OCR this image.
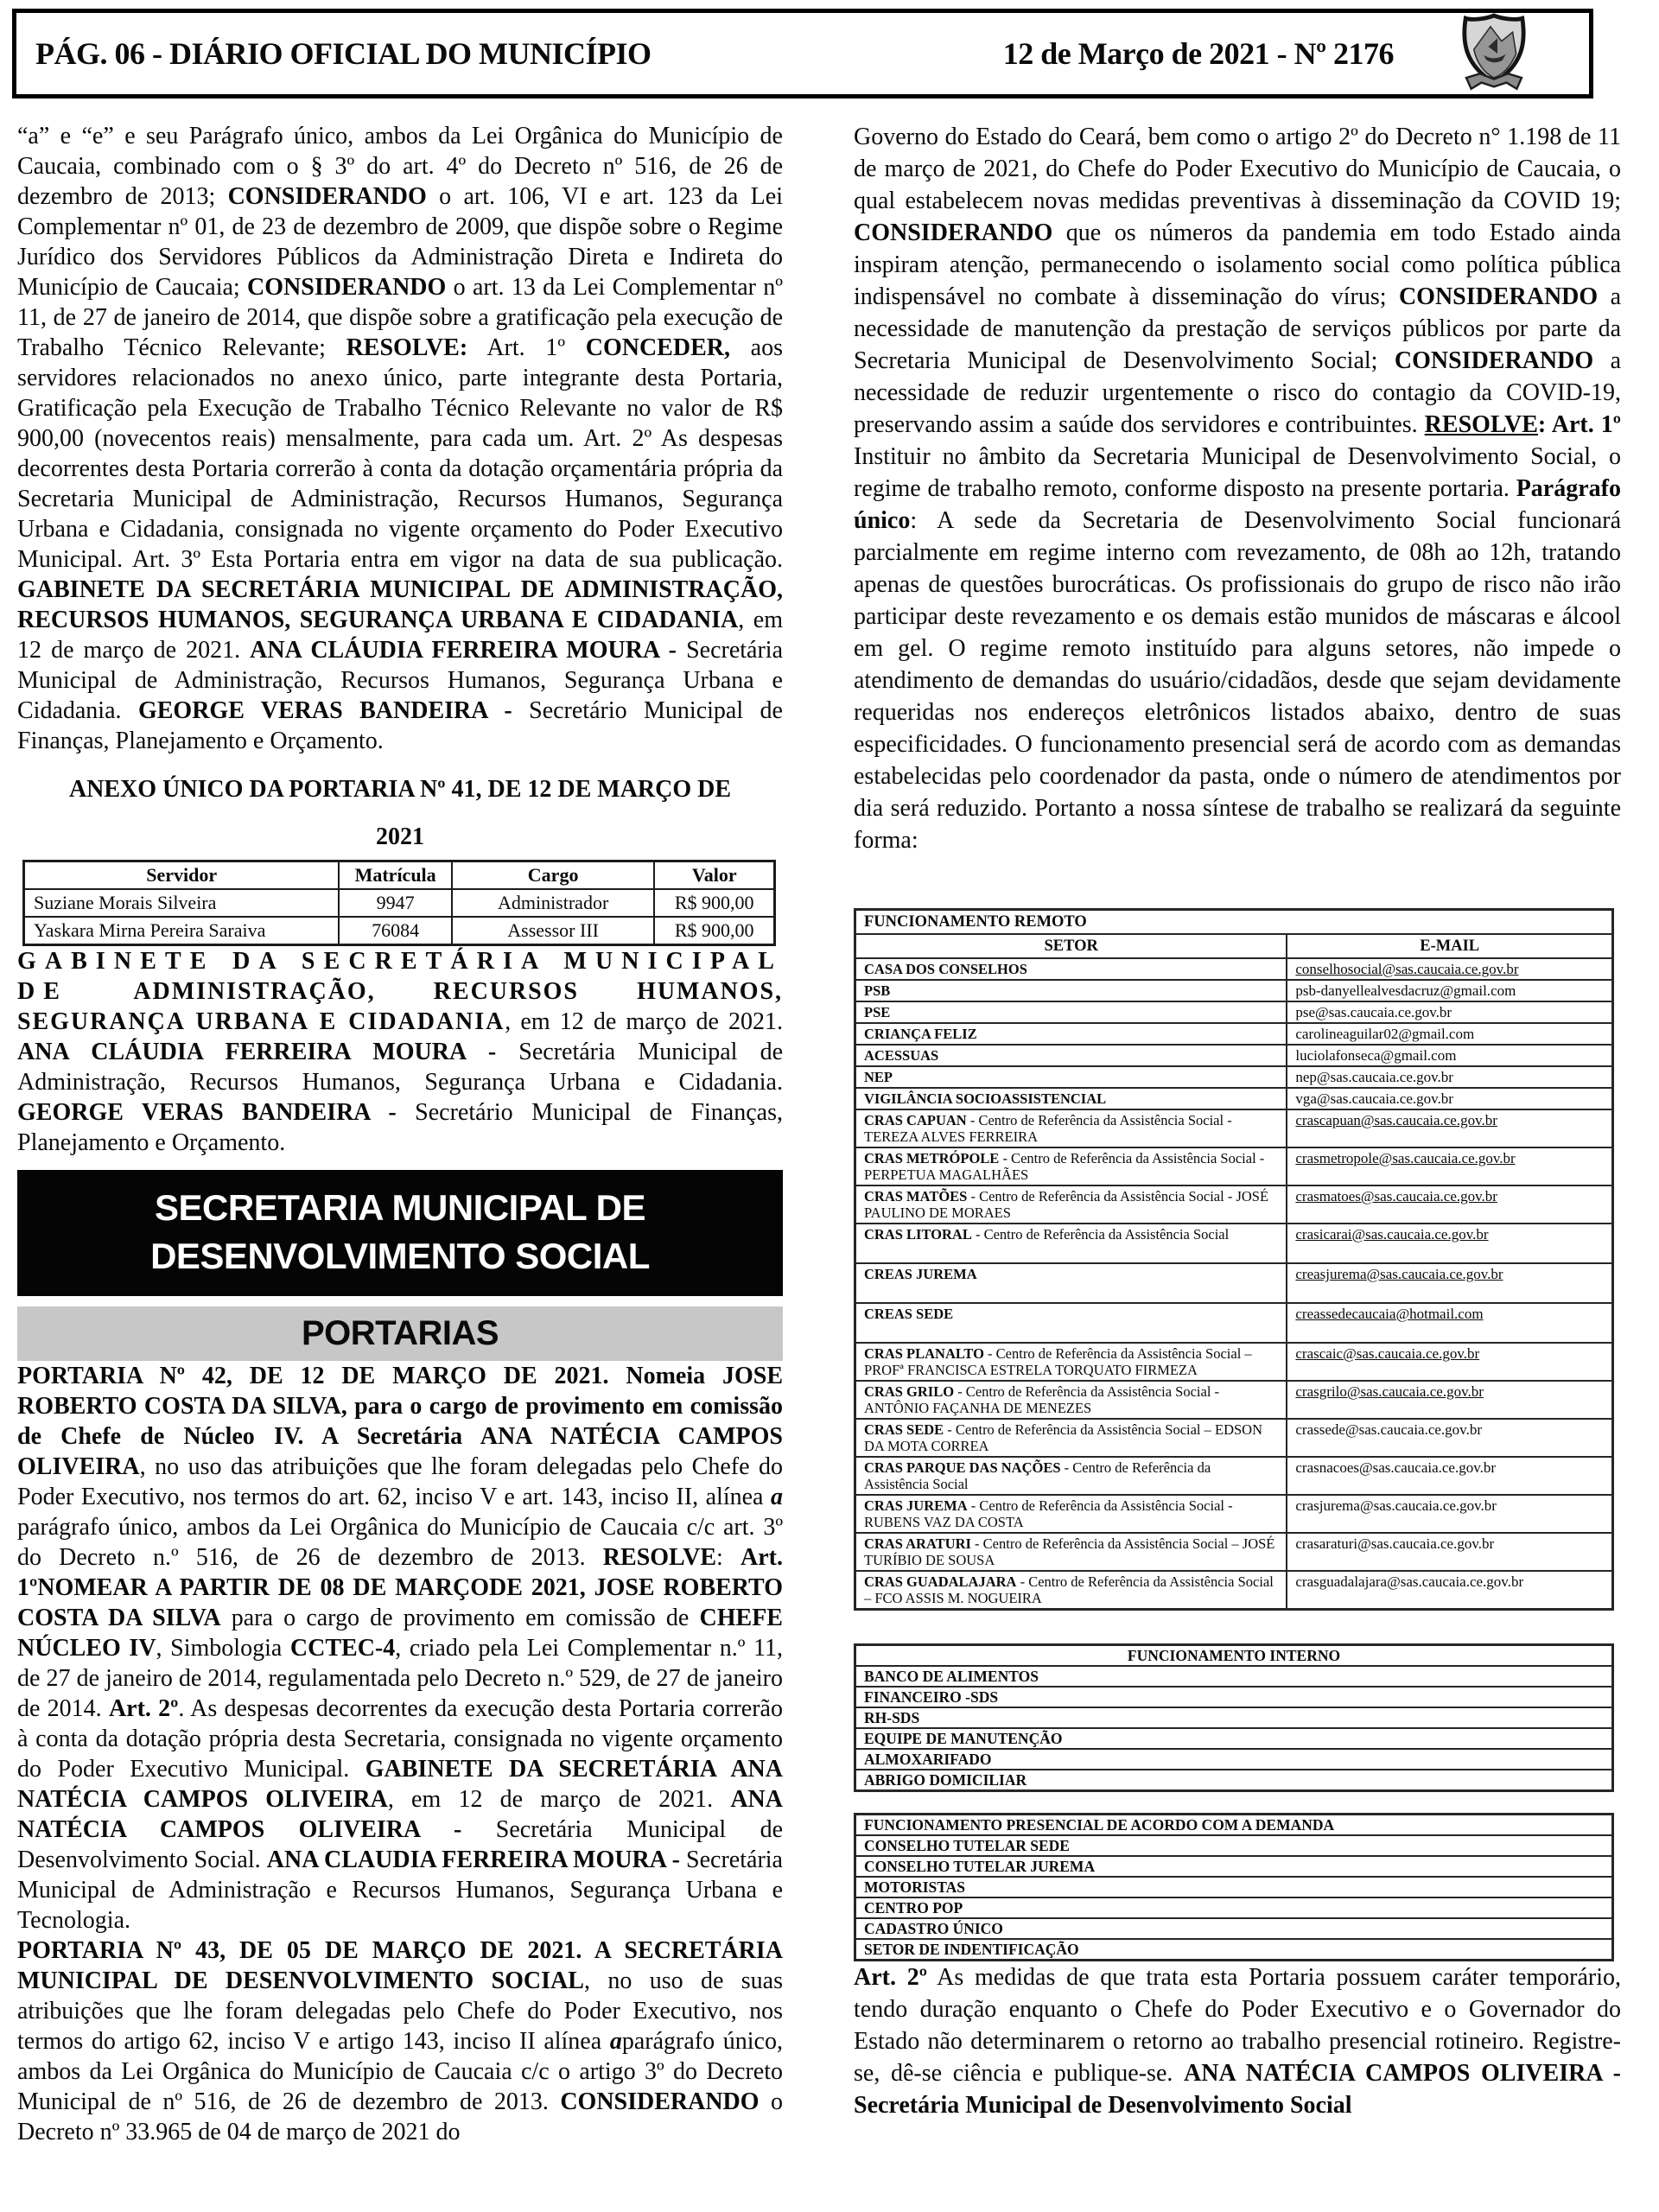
PÁG. 06 - DIÁRIO OFICIAL DO MUNICÍPIO	12 de Março de 2021 - Nº 2176

“a” e “e” e seu Parágrafo único, ambos da Lei Orgânica do Município de Caucaia, combinado com o § 3º do art. 4º do Decreto nº 516, de 26 de dezembro de 2013; CONSIDERANDO o art. 106, VI e art. 123 da Lei Complementar nº 01, de 23 de dezembro de 2009, que dispõe sobre o Regime Jurídico dos Servidores Públicos da Administração Direta e Indireta do Município de Caucaia; CONSIDERANDO o art. 13 da Lei Complementar nº 11, de 27 de janeiro de 2014, que dispõe sobre a gratificação pela execução de Trabalho Técnico Relevante; RESOLVE: Art. 1º CONCEDER, aos servidores relacionados no anexo único, parte integrante desta Portaria, Gratificação pela Execução de Trabalho Técnico Relevante no valor de R$ 900,00 (novecentos reais) mensalmente, para cada um. Art. 2º As despesas decorrentes desta Portaria correrão à conta da dotação orçamentária própria da Secretaria Municipal de Administração, Recursos Humanos, Segurança Urbana e Cidadania, consignada no vigente orçamento do Poder Executivo Municipal. Art. 3º Esta Portaria entra em vigor na data de sua publicação. GABINETE DA SECRETÁRIA MUNICIPAL DE ADMINISTRAÇÃO, RECURSOS HUMANOS, SEGURANÇA URBANA E CIDADANIA, em 12 de março de 2021. ANA CLÁUDIA FERREIRA MOURA - Secretária Municipal de Administração, Recursos Humanos, Segurança Urbana e Cidadania. GEORGE VERAS BANDEIRA - Secretário Municipal de Finanças, Planejamento e Orçamento.

ANEXO ÚNICO DA PORTARIA Nº 41, DE 12 DE MARÇO DE
2021
Servidor	Matrícula	Cargo	Valor
Suziane Morais Silveira	9947	Administrador	R$ 900,00
Yaskara Mirna Pereira Saraiva	76084	Assessor III	R$ 900,00

GABINETE DA SECRETÁRIA MUNICIPAL DE ADMINISTRAÇÃO, RECURSOS HUMANOS, SEGURANÇA URBANA E CIDADANIA, em 12 de março de 2021. ANA CLÁUDIA FERREIRA MOURA - Secretária Municipal de Administração, Recursos Humanos, Segurança Urbana e Cidadania. GEORGE VERAS BANDEIRA - Secretário Municipal de Finanças, Planejamento e Orçamento.

SECRETARIA MUNICIPAL DE
DESENVOLVIMENTO SOCIAL
PORTARIAS

PORTARIA Nº 42, DE 12 DE MARÇO DE 2021. Nomeia JOSE ROBERTO COSTA DA SILVA, para o cargo de provimento em comissão de Chefe de Núcleo IV. A Secretária ANA NATÉCIA CAMPOS OLIVEIRA, no uso das atribuições que lhe foram delegadas pelo Chefe do Poder Executivo, nos termos do art. 62, inciso V e art. 143, inciso II, alínea a parágrafo único, ambos da Lei Orgânica do Município de Caucaia c/c art. 3º do Decreto n.º 516, de 26 de dezembro de 2013. RESOLVE: Art. 1ºNOMEAR A PARTIR DE 08 DE MARÇODE 2021, JOSE ROBERTO COSTA DA SILVA para o cargo de provimento em comissão de CHEFE NÚCLEO IV, Simbologia CCTEC-4, criado pela Lei Complementar n.º 11, de 27 de janeiro de 2014, regulamentada pelo Decreto n.º 529, de 27 de janeiro de 2014. Art. 2º. As despesas decorrentes da execução desta Portaria correrão à conta da dotação própria desta Secretaria, consignada no vigente orçamento do Poder Executivo Municipal. GABINETE DA SECRETÁRIA ANA NATÉCIA CAMPOS OLIVEIRA, em 12 de março de 2021. ANA NATÉCIA CAMPOS OLIVEIRA - Secretária Municipal de Desenvolvimento Social. ANA CLAUDIA FERREIRA MOURA - Secretária Municipal de Administração e Recursos Humanos, Segurança Urbana e Tecnologia.

PORTARIA Nº 43, DE 05 DE MARÇO DE 2021. A SECRETÁRIA MUNICIPAL DE DESENVOLVIMENTO SOCIAL, no uso de suas atribuições que lhe foram delegadas pelo Chefe do Poder Executivo, nos termos do artigo 62, inciso V e artigo 143, inciso II alínea aparágrafo único, ambos da Lei Orgânica do Município de Caucaia c/c o artigo 3º do Decreto Municipal de nº 516, de 26 de dezembro de 2013. CONSIDERANDO o Decreto nº 33.965 de 04 de março de 2021 do

Governo do Estado do Ceará, bem como o artigo 2º do Decreto n° 1.198 de 11 de março de 2021, do Chefe do Poder Executivo do Município de Caucaia, o qual estabelecem novas medidas preventivas à disseminação da COVID 19; CONSIDERANDO que os números da pandemia em todo Estado ainda inspiram atenção, permanecendo o isolamento social como política pública indispensável no combate à disseminação do vírus; CONSIDERANDO a necessidade de manutenção da prestação de serviços públicos por parte da Secretaria Municipal de Desenvolvimento Social; CONSIDERANDO a necessidade de reduzir urgentemente o risco do contagio da COVID-19, preservando assim a saúde dos servidores e contribuintes. RESOLVE: Art. 1º Instituir no âmbito da Secretaria Municipal de Desenvolvimento Social, o regime de trabalho remoto, conforme disposto na presente portaria. Parágrafo único: A sede da Secretaria de Desenvolvimento Social funcionará parcialmente em regime interno com revezamento, de 08h ao 12h, tratando apenas de questões burocráticas. Os profissionais do grupo de risco não irão participar deste revezamento e os demais estão munidos de máscaras e álcool em gel. O regime remoto instituído para alguns setores, não impede o atendimento de demandas do usuário/cidadãos, desde que sejam devidamente requeridas nos endereços eletrônicos listados abaixo, dentro de suas especificidades. O funcionamento presencial será de acordo com as demandas estabelecidas pelo coordenador da pasta, onde o número de atendimentos por dia será reduzido. Portanto a nossa síntese de trabalho se realizará da seguinte forma:

FUNCIONAMENTO REMOTO	
SETOR	E-MAIL
CASA DOS CONSELHOS	conselhosocial@sas.caucaia.ce.gov.br
PSB	psb-danyellealvesdacruz@gmail.com
PSE	pse@sas.caucaia.ce.gov.br
CRIANÇA FELIZ	carolineaguilar02@gmail.com
ACESSUAS	luciolafonseca@gmail.com
NEP	nep@sas.caucaia.ce.gov.br
VIGILÂNCIA SOCIOASSISTENCIAL	vga@sas.caucaia.ce.gov.br
CRAS CAPUAN - Centro de Referência da Assistência Social - TEREZA ALVES FERREIRA	crascapuan@sas.caucaia.ce.gov.br
CRAS METRÓPOLE - Centro de Referência da Assistência Social - PERPETUA MAGALHÃES	crasmetropole@sas.caucaia.ce.gov.br
CRAS MATÕES - Centro de Referência da Assistência Social - JOSÉ PAULINO DE MORAES	crasmatoes@sas.caucaia.ce.gov.br
CRAS LITORAL - Centro de Referência da Assistência Social	crasicarai@sas.caucaia.ce.gov.br
CREAS JUREMA	creasjurema@sas.caucaia.ce.gov.br
CREAS SEDE	creassedecaucaia@hotmail.com
CRAS PLANALTO - Centro de Referência da Assistência Social – PROFª FRANCISCA ESTRELA TORQUATO FIRMEZA	crascaic@sas.caucaia.ce.gov.br
CRAS GRILO - Centro de Referência da Assistência Social - ANTÔNIO FAÇANHA DE MENEZES	crasgrilo@sas.caucaia.ce.gov.br
CRAS SEDE - Centro de Referência da Assistência Social – EDSON DA MOTA CORREA	crassede@sas.caucaia.ce.gov.br
CRAS PARQUE DAS NAÇÕES - Centro de Referência da Assistência Social	crasnacoes@sas.caucaia.ce.gov.br
CRAS JUREMA - Centro de Referência da Assistência Social - RUBENS VAZ DA COSTA	crasjurema@sas.caucaia.ce.gov.br
CRAS ARATURI - Centro de Referência da Assistência Social – JOSÉ TURÍBIO DE SOUSA	crasaraturi@sas.caucaia.ce.gov.br
CRAS GUADALAJARA - Centro de Referência da Assistência Social – FCO ASSIS M. NOGUEIRA	crasguadalajara@sas.caucaia.ce.gov.br
FUNCIONAMENTO INTERNO
BANCO DE ALIMENTOS
FINANCEIRO -SDS
RH-SDS
EQUIPE DE MANUTENÇÃO
ALMOXARIFADO
ABRIGO DOMICILIAR
FUNCIONAMENTO PRESENCIAL DE ACORDO COM A DEMANDA
CONSELHO TUTELAR SEDE
CONSELHO TUTELAR JUREMA
MOTORISTAS
CENTRO POP
CADASTRO ÚNICO
SETOR DE INDENTIFICAÇÃO

Art. 2º As medidas de que trata esta Portaria possuem caráter temporário, tendo duração enquanto o Chefe do Poder Executivo e o Governador do Estado não determinarem o retorno ao trabalho presencial rotineiro. Registre-se, dê-se ciência e publique-se. ANA NATÉCIA CAMPOS OLIVEIRA - Secretária Municipal de Desenvolvimento Social
